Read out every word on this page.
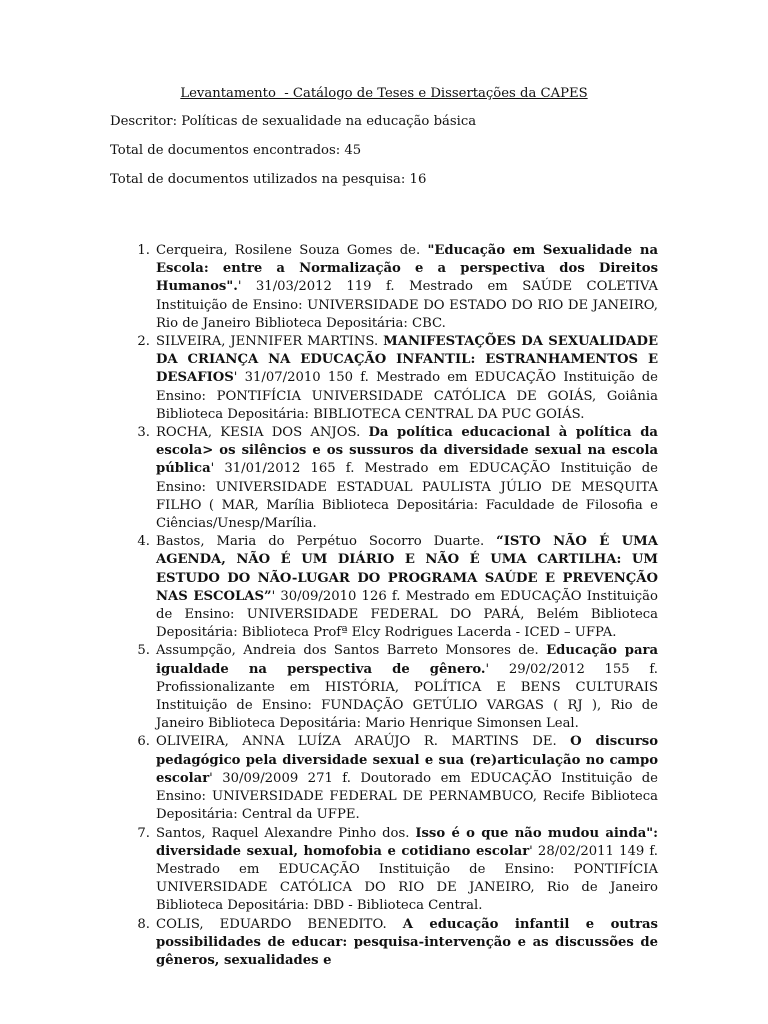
Levantamento  - Catálogo de Teses e Dissertações da CAPES
Descritor: Políticas de sexualidade na educação básica
Total de documentos encontrados: 45
Total de documentos utilizados na pesquisa: 16
1. Cerqueira, Rosilene Souza Gomes de. "Educação em Sexualidade na Escola: entre a Normalização e a perspectiva dos Direitos Humanos".' 31/03/2012 119 f. Mestrado em SAÚDE COLETIVA Instituição de Ensino: UNIVERSIDADE DO ESTADO DO RIO DE JANEIRO, Rio de Janeiro Biblioteca Depositária: CBC.
2. SILVEIRA, JENNIFER MARTINS. MANIFESTAÇÕES DA SEXUALIDADE DA CRIANÇA NA EDUCAÇÃO INFANTIL: ESTRANHAMENTOS E DESAFIOS' 31/07/2010 150 f. Mestrado em EDUCAÇÃO Instituição de Ensino: PONTIFÍCIA UNIVERSIDADE CATÓLICA DE GOIÁS, Goiânia Biblioteca Depositária: BIBLIOTECA CENTRAL DA PUC GOIÁS.
3. ROCHA, KESIA DOS ANJOS. Da política educacional à política da escola> os silêncios e os sussuros da diversidade sexual na escola pública' 31/01/2012 165 f. Mestrado em EDUCAÇÃO Instituição de Ensino: UNIVERSIDADE ESTADUAL PAULISTA JÚLIO DE MESQUITA FILHO ( MAR, Marília Biblioteca Depositária: Faculdade de Filosofia e Ciências/Unesp/Marília.
4. Bastos, Maria do Perpétuo Socorro Duarte. “ISTO NÃO É UMA AGENDA, NÃO É UM DIÁRIO E NÃO É UMA CARTILHA: UM ESTUDO DO NÃO-LUGAR DO PROGRAMA SAÚDE E PREVENÇÃO NAS ESCOLAS”' 30/09/2010 126 f. Mestrado em EDUCAÇÃO Instituição de Ensino: UNIVERSIDADE FEDERAL DO PARÁ, Belém Biblioteca Depositária: Biblioteca Profª Elcy Rodrigues Lacerda - ICED – UFPA.
5. Assumpção, Andreia dos Santos Barreto Monsores de. Educação para igualdade na perspectiva de gênero.' 29/02/2012 155 f. Profissionalizante em HISTÓRIA, POLÍTICA E BENS CULTURAIS Instituição de Ensino: FUNDAÇÃO GETÚLIO VARGAS ( RJ ), Rio de Janeiro Biblioteca Depositária: Mario Henrique Simonsen Leal.
6. OLIVEIRA, ANNA LUÍZA ARAÚJO R. MARTINS DE. O discurso pedagógico pela diversidade sexual e sua (re)articulação no campo escolar' 30/09/2009 271 f. Doutorado em EDUCAÇÃO Instituição de Ensino: UNIVERSIDADE FEDERAL DE PERNAMBUCO, Recife Biblioteca Depositária: Central da UFPE.
7. Santos, Raquel Alexandre Pinho dos. Isso é o que não mudou ainda": diversidade sexual, homofobia e cotidiano escolar' 28/02/2011 149 f. Mestrado em EDUCAÇÃO Instituição de Ensino: PONTIFÍCIA UNIVERSIDADE CATÓLICA DO RIO DE JANEIRO, Rio de Janeiro Biblioteca Depositária: DBD - Biblioteca Central.
8. COLIS, EDUARDO BENEDITO. A educação infantil e outras possibilidades de educar: pesquisa-intervenção e as discussões de gêneros, sexualidades e
